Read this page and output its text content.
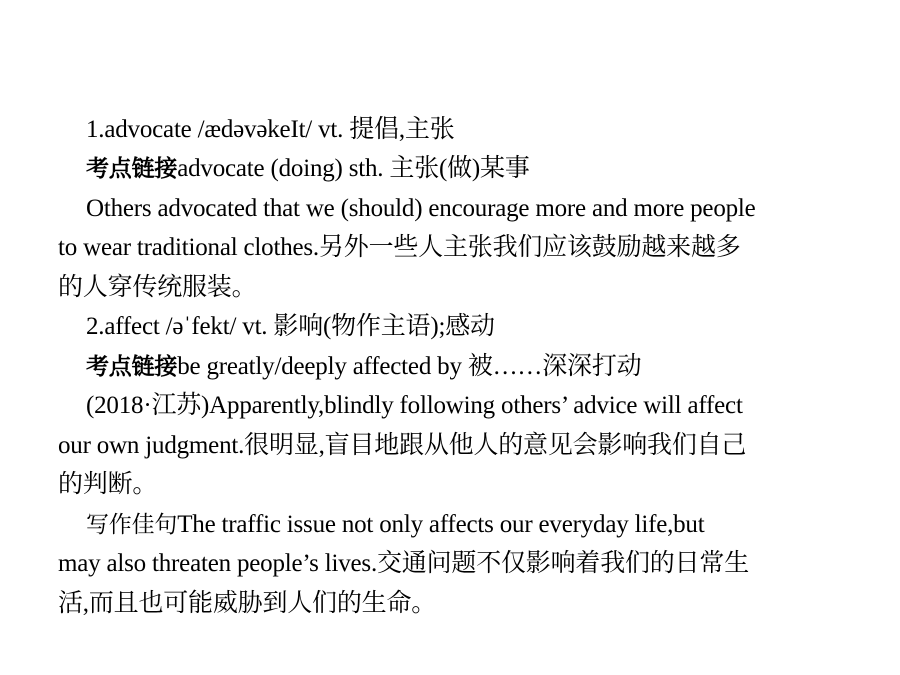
1.advocate /ædəvəkeIt/ vt. 提倡,主张
考点链接advocate (doing) sth. 主张(做)某事
Others advocated that we (should) encourage more and more people
to wear traditional clothes.另外一些人主张我们应该鼓励越来越多
的人穿传统服装。
2.affect /əˈfekt/ vt. 影响(物作主语);感动
考点链接be greatly/deeply affected by 被……深深打动
(2018·江苏)Apparently,blindly following others’ advice will affect
our own judgment.很明显,盲目地跟从他人的意见会影响我们自己
的判断。
写作佳句The traffic issue not only affects our everyday life,but
may also threaten people’s lives.交通问题不仅影响着我们的日常生
活,而且也可能威胁到人们的生命。
